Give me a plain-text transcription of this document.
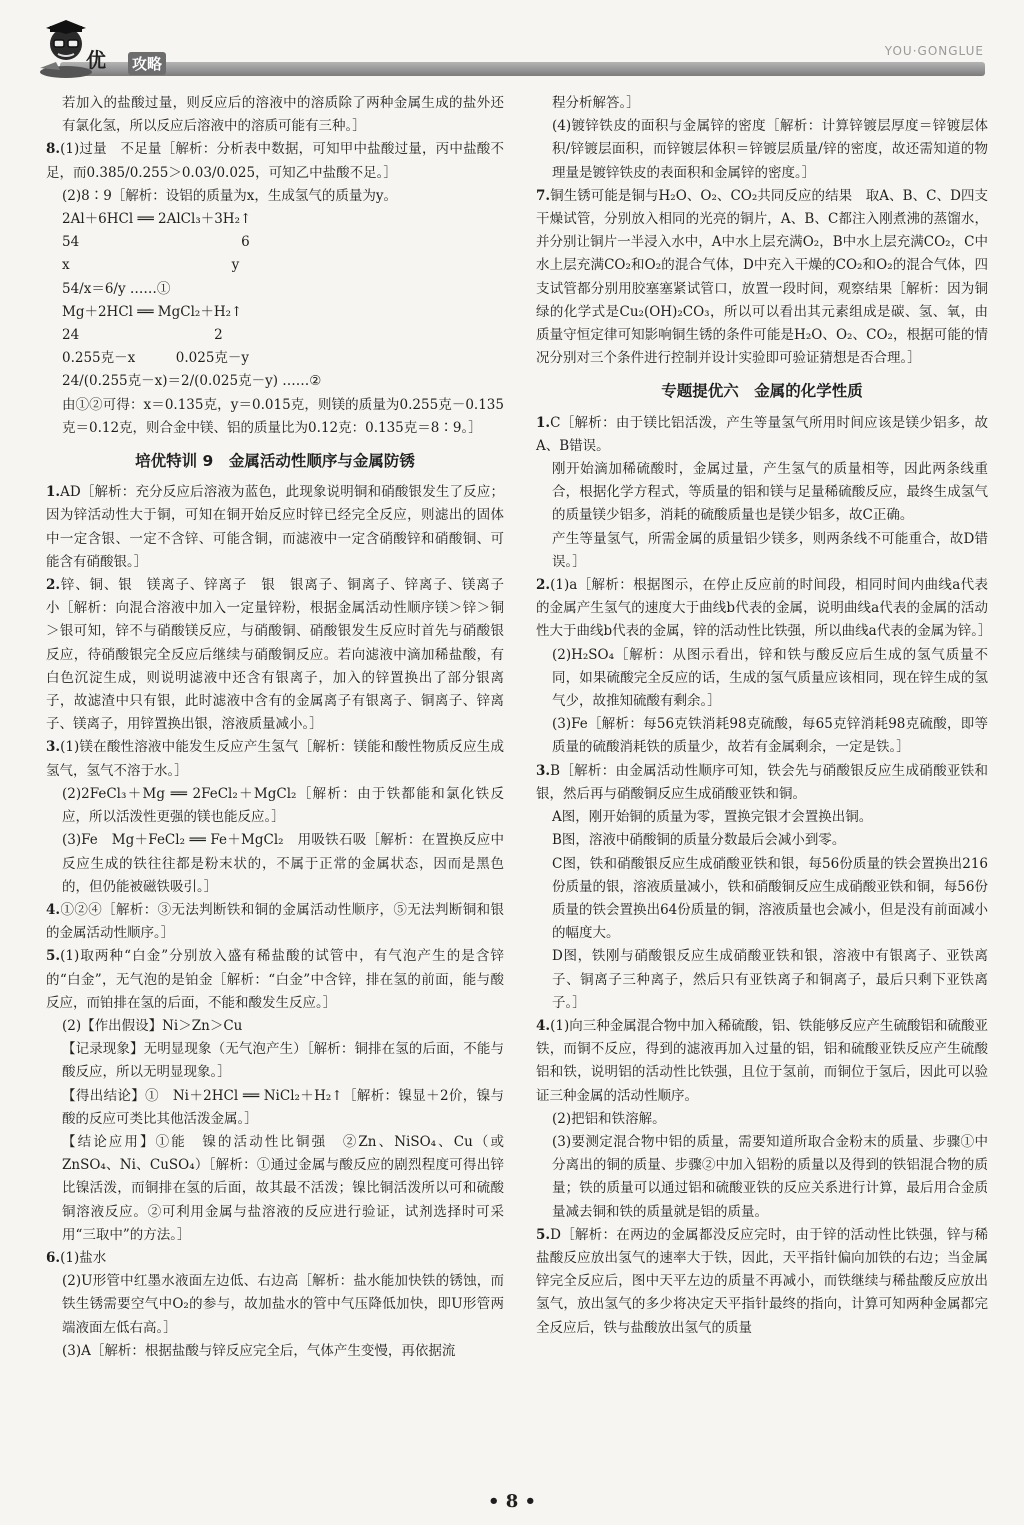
优 攻略
YOU·GONGLUE

若加入的盐酸过量，则反应后的溶液中的溶质除了两种金属生成的盐外还有氯化氢，所以反应后溶液中的溶质可能有三种。］

8.(1)过量　不足量［解析：分析表中数据，可知甲中盐酸过量，丙中盐酸不足，而0.385/0.255＞0.03/0.025，可知乙中盐酸不足。］

(2)8∶9［解析：设铝的质量为x，生成氢气的质量为y。

2Al＋6HCl ══ 2AlCl₃＋3H₂↑

54　　　　　　　　　　　　6

x　　　　　　　　　　　　y

54/x＝6/y ……①

Mg＋2HCl ══ MgCl₂＋H₂↑

24　　　　　　　　　　2

0.255克－x　　　0.025克－y

24/(0.255克－x)＝2/(0.025克－y) ……②

由①②可得：x＝0.135克，y＝0.015克，则镁的质量为0.255克－0.135克＝0.12克，则合金中镁、铝的质量比为0.12克：0.135克＝8∶9。］

培优特训 9　金属活动性顺序与金属防锈

1.AD［解析：充分反应后溶液为蓝色，此现象说明铜和硝酸银发生了反应；因为锌活动性大于铜，可知在铜开始反应时锌已经完全反应，则滤出的固体中一定含银、一定不含锌、可能含铜，而滤液中一定含硝酸锌和硝酸铜、可能含有硝酸银。］

2.锌、铜、银　镁离子、锌离子　银　银离子、铜离子、锌离子、镁离子　小［解析：向混合溶液中加入一定量锌粉，根据金属活动性顺序镁＞锌＞铜＞银可知，锌不与硝酸镁反应，与硝酸铜、硝酸银发生反应时首先与硝酸银反应，待硝酸银完全反应后继续与硝酸铜反应。若向滤液中滴加稀盐酸，有白色沉淀生成，则说明滤液中还含有银离子，加入的锌置换出了部分银离子，故滤渣中只有银，此时滤液中含有的金属离子有银离子、铜离子、锌离子、镁离子，用锌置换出银，溶液质量减小。］

3.(1)镁在酸性溶液中能发生反应产生氢气［解析：镁能和酸性物质反应生成氢气，氢气不溶于水。］

(2)2FeCl₃＋Mg ══ 2FeCl₂＋MgCl₂［解析：由于铁都能和氯化铁反应，所以活泼性更强的镁也能反应。］

(3)Fe　Mg＋FeCl₂ ══ Fe＋MgCl₂　用吸铁石吸［解析：在置换反应中反应生成的铁往往都是粉末状的，不属于正常的金属状态，因而是黑色的，但仍能被磁铁吸引。］

4.①②④［解析：③无法判断铁和铜的金属活动性顺序，⑤无法判断铜和银的金属活动性顺序。］

5.(1)取两种“白金”分别放入盛有稀盐酸的试管中，有气泡产生的是含锌的“白金”，无气泡的是铂金［解析：“白金”中含锌，排在氢的前面，能与酸反应，而铂排在氢的后面，不能和酸发生反应。］

(2)【作出假设】Ni＞Zn＞Cu

【记录现象】无明显现象（无气泡产生）［解析：铜排在氢的后面，不能与酸反应，所以无明显现象。］

【得出结论】①　Ni＋2HCl ══ NiCl₂＋H₂↑［解析：镍显＋2价，镍与酸的反应可类比其他活泼金属。］

【结论应用】①能　镍的活动性比铜强　②Zn、NiSO₄、Cu（或ZnSO₄、Ni、CuSO₄）［解析：①通过金属与酸反应的剧烈程度可得出锌比镍活泼，而铜排在氢的后面，故其最不活泼；镍比铜活泼所以可和硫酸铜溶液反应。②可利用金属与盐溶液的反应进行验证，试剂选择时可采用“三取中”的方法。］

6.(1)盐水

(2)U形管中红墨水液面左边低、右边高［解析：盐水能加快铁的锈蚀，而铁生锈需要空气中O₂的参与，故加盐水的管中气压降低加快，即U形管两端液面左低右高。］

(3)A［解析：根据盐酸与锌反应完全后，气体产生变慢，再依据流

程分析解答。］

(4)镀锌铁皮的面积与金属锌的密度［解析：计算锌镀层厚度＝锌镀层体积/锌镀层面积，而锌镀层体积＝锌镀层质量/锌的密度，故还需知道的物理量是镀锌铁皮的表面积和金属锌的密度。］

7.铜生锈可能是铜与H₂O、O₂、CO₂共同反应的结果　取A、B、C、D四支干燥试管，分别放入相同的光亮的铜片，A、B、C都注入刚煮沸的蒸馏水，并分别让铜片一半浸入水中，A中水上层充满O₂，B中水上层充满CO₂，C中水上层充满CO₂和O₂的混合气体，D中充入干燥的CO₂和O₂的混合气体，四支试管都分别用胶塞塞紧试管口，放置一段时间，观察结果［解析：因为铜绿的化学式是Cu₂(OH)₂CO₃，所以可以看出其元素组成是碳、氢、氧，由质量守恒定律可知影响铜生锈的条件可能是H₂O、O₂、CO₂，根据可能的情况分别对三个条件进行控制并设计实验即可验证猜想是否合理。］

专题提优六　金属的化学性质

1.C［解析：由于镁比铝活泼，产生等量氢气所用时间应该是镁少铝多，故A、B错误。

刚开始滴加稀硫酸时，金属过量，产生氢气的质量相等，因此两条线重合，根据化学方程式，等质量的铝和镁与足量稀硫酸反应，最终生成氢气的质量镁少铝多，消耗的硫酸质量也是镁少铝多，故C正确。

产生等量氢气，所需金属的质量铝少镁多，则两条线不可能重合，故D错误。］

2.(1)a［解析：根据图示，在停止反应前的时间段，相同时间内曲线a代表的金属产生氢气的速度大于曲线b代表的金属，说明曲线a代表的金属的活动性大于曲线b代表的金属，锌的活动性比铁强，所以曲线a代表的金属为锌。］

(2)H₂SO₄［解析：从图示看出，锌和铁与酸反应后生成的氢气质量不同，如果硫酸完全反应的话，生成的氢气质量应该相同，现在锌生成的氢气少，故推知硫酸有剩余。］

(3)Fe［解析：每56克铁消耗98克硫酸，每65克锌消耗98克硫酸，即等质量的硫酸消耗铁的质量少，故若有金属剩余，一定是铁。］

3.B［解析：由金属活动性顺序可知，铁会先与硝酸银反应生成硝酸亚铁和银，然后再与硝酸铜反应生成硝酸亚铁和铜。

A图，刚开始铜的质量为零，置换完银才会置换出铜。

B图，溶液中硝酸铜的质量分数最后会减小到零。

C图，铁和硝酸银反应生成硝酸亚铁和银，每56份质量的铁会置换出216份质量的银，溶液质量减小，铁和硝酸铜反应生成硝酸亚铁和铜，每56份质量的铁会置换出64份质量的铜，溶液质量也会减小，但是没有前面减小的幅度大。

D图，铁刚与硝酸银反应生成硝酸亚铁和银，溶液中有银离子、亚铁离子、铜离子三种离子，然后只有亚铁离子和铜离子，最后只剩下亚铁离子。］

4.(1)向三种金属混合物中加入稀硫酸，铝、铁能够反应产生硫酸铝和硫酸亚铁，而铜不反应，得到的滤液再加入过量的铝，铝和硫酸亚铁反应产生硫酸铝和铁，说明铝的活动性比铁强，且位于氢前，而铜位于氢后，因此可以验证三种金属的活动性顺序。

(2)把铝和铁溶解。

(3)要测定混合物中铝的质量，需要知道所取合金粉末的质量、步骤①中分离出的铜的质量、步骤②中加入铝粉的质量以及得到的铁铝混合物的质量；铁的质量可以通过铝和硫酸亚铁的反应关系进行计算，最后用合金质量减去铜和铁的质量就是铝的质量。

5.D［解析：在两边的金属都没反应完时，由于锌的活动性比铁强，锌与稀盐酸反应放出氢气的速率大于铁，因此，天平指针偏向加铁的右边；当金属锌完全反应后，图中天平左边的质量不再减小，而铁继续与稀盐酸反应放出氢气，放出氢气的多少将决定天平指针最终的指向，计算可知两种金属都完全反应后，铁与盐酸放出氢气的质量

• 8 •
